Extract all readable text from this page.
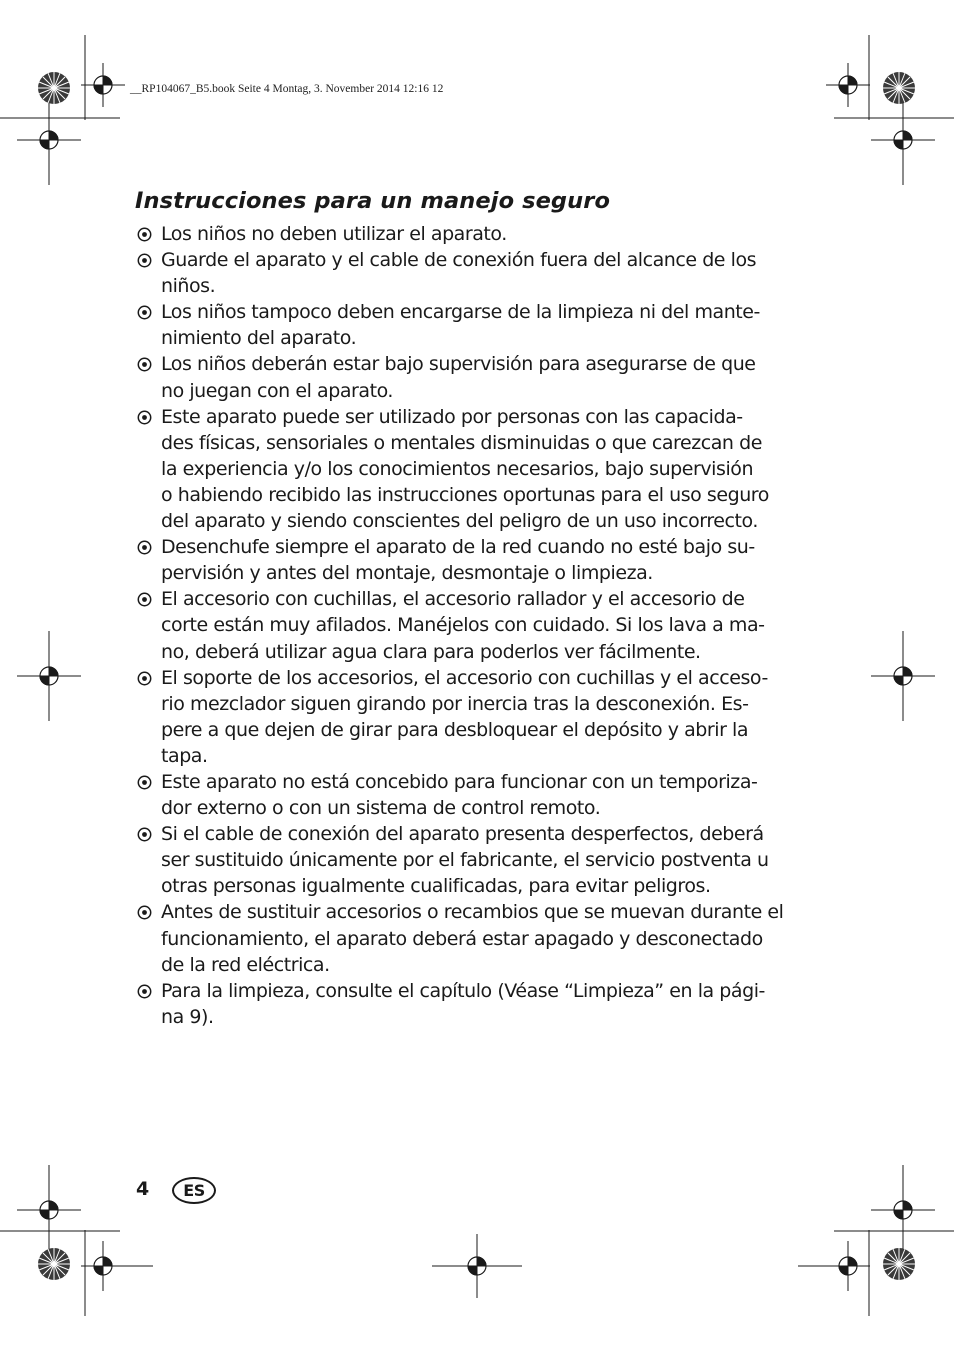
__RP104067_B5.book Seite 4 Montag, 3. November 2014 12:16 12
Instrucciones para un manejo seguro
Los niños no deben utilizar el aparato.
Guarde el aparato y el cable de conexión fuera del alcance de los
niños.
Los niños tampoco deben encargarse de la limpieza ni del mante-
nimiento del aparato.
Los niños deberán estar bajo supervisión para asegurarse de que
no juegan con el aparato.
Este aparato puede ser utilizado por personas con las capacida-
des físicas, sensoriales o mentales disminuidas o que carezcan de
la experiencia y/o los conocimientos necesarios, bajo supervisión
o habiendo recibido las instrucciones oportunas para el uso seguro
del aparato y siendo conscientes del peligro de un uso incorrecto.
Desenchufe siempre el aparato de la red cuando no esté bajo su-
pervisión y antes del montaje, desmontaje o limpieza.
El accesorio con cuchillas, el accesorio rallador y el accesorio de
corte están muy afilados. Manéjelos con cuidado. Si los lava a ma-
no, deberá utilizar agua clara para poderlos ver fácilmente.
El soporte de los accesorios, el accesorio con cuchillas y el acceso-
rio mezclador siguen girando por inercia tras la desconexión. Es-
pere a que dejen de girar para desbloquear el depósito y abrir la
tapa.
Este aparato no está concebido para funcionar con un temporiza-
dor externo o con un sistema de control remoto.
Si el cable de conexión del aparato presenta desperfectos, deberá
ser sustituido únicamente por el fabricante, el servicio postventa u
otras personas igualmente cualificadas, para evitar peligros.
Antes de sustituir accesorios o recambios que se muevan durante el
funcionamiento, el aparato deberá estar apagado y desconectado
de la red eléctrica.
Para la limpieza, consulte el capítulo (Véase “Limpieza” en la pági-
na 9).
4	ES
